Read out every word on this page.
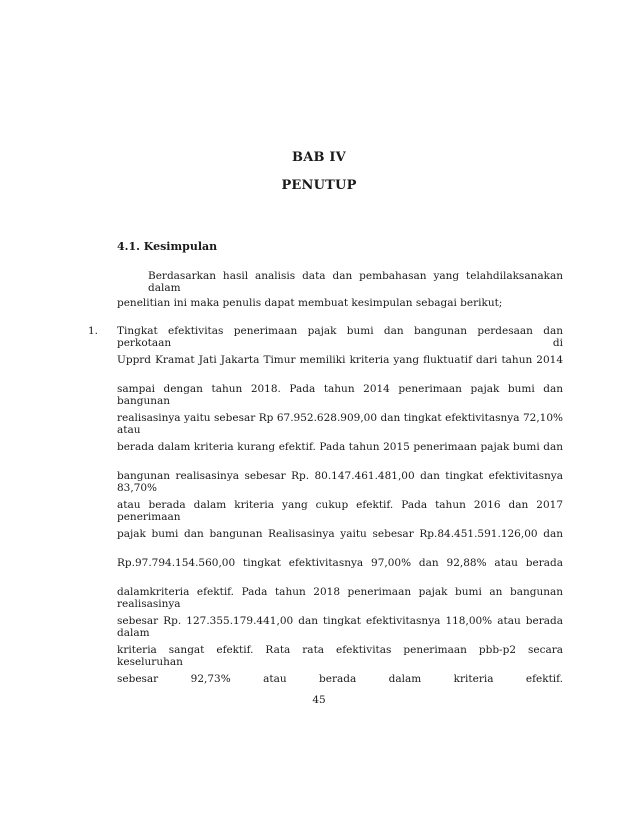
BAB IV
PENUTUP
4.1. Kesimpulan
Berdasarkan hasil analisis data dan pembahasan yang telahdilaksanakan dalam
penelitian ini maka penulis dapat membuat kesimpulan sebagai berikut;
1. Tingkat efektivitas penerimaan pajak bumi dan bangunan perdesaan dan perkotaan di
Upprd Kramat Jati Jakarta Timur memiliki kriteria yang fluktuatif dari tahun 2014
sampai dengan tahun 2018. Pada tahun 2014 penerimaan pajak bumi dan bangunan
realisasinya yaitu sebesar Rp 67.952.628.909,00 dan tingkat efektivitasnya 72,10% atau
berada dalam kriteria kurang efektif. Pada tahun 2015 penerimaan pajak bumi dan
bangunan realisasinya sebesar Rp. 80.147.461.481,00 dan tingkat efektivitasnya 83,70%
atau berada dalam kriteria yang cukup efektif. Pada tahun 2016 dan 2017 penerimaan
pajak bumi dan bangunan Realisasinya yaitu sebesar Rp.84.451.591.126,00 dan
Rp.97.794.154.560,00 tingkat efektivitasnya 97,00% dan 92,88% atau berada
dalamkriteria efektif. Pada tahun 2018 penerimaan pajak bumi an bangunan realisasinya
sebesar Rp. 127.355.179.441,00 dan tingkat efektivitasnya 118,00% atau berada dalam
kriteria sangat efektif. Rata rata efektivitas penerimaan pbb-p2 secara keseluruhan
sebesar 92,73% atau berada dalam kriteria efektif.
45
